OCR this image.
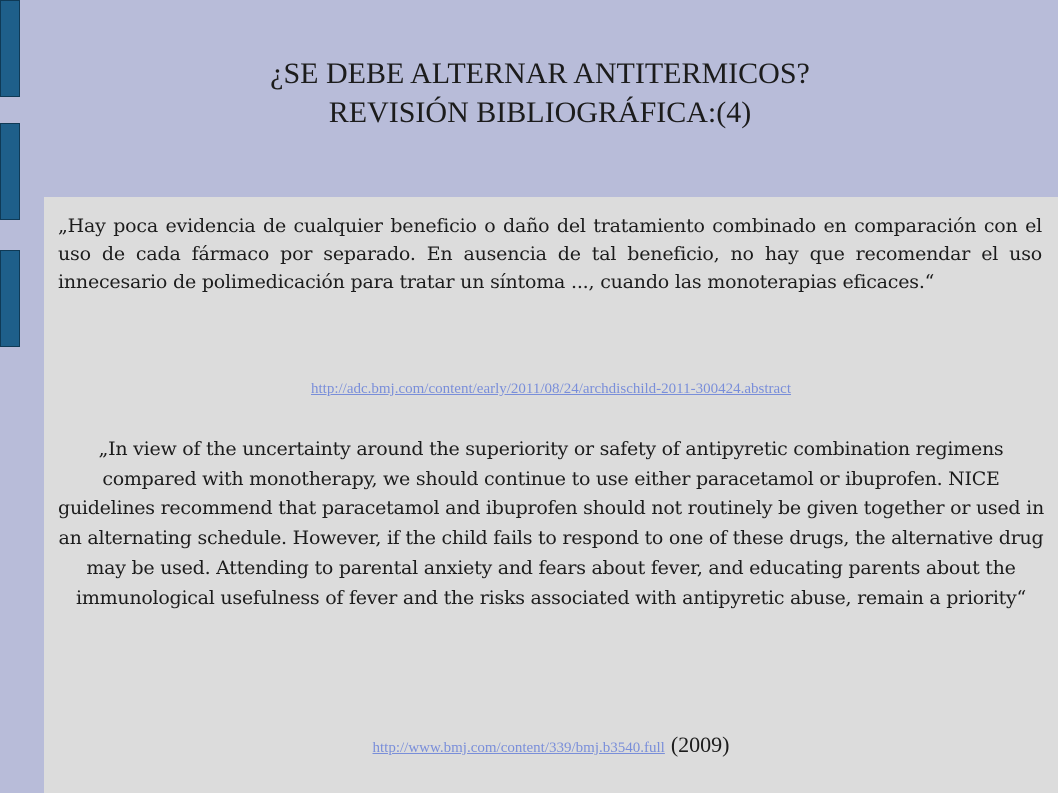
¿SE DEBE ALTERNAR ANTITERMICOS?
REVISIÓN BIBLIOGRÁFICA:(4)
„Hay poca evidencia de cualquier beneficio o daño del tratamiento combinado en comparación con el uso de cada fármaco por separado. En ausencia de tal beneficio, no hay que recomendar el uso innecesario de polimedicación para tratar un síntoma ..., cuando las monoterapias eficaces.“
http://adc.bmj.com/content/early/2011/08/24/archdischild-2011-300424.abstract
„In view of the uncertainty around the superiority or safety of antipyretic combination regimens compared with monotherapy, we should continue to use either paracetamol or ibuprofen. NICE guidelines recommend that paracetamol and ibuprofen should not routinely be given together or used in an alternating schedule. However, if the child fails to respond to one of these drugs, the alternative drug may be used. Attending to parental anxiety and fears about fever, and educating parents about the immunological usefulness of fever and the risks associated with antipyretic abuse, remain a priority“
http://www.bmj.com/content/339/bmj.b3540.full (2009)
